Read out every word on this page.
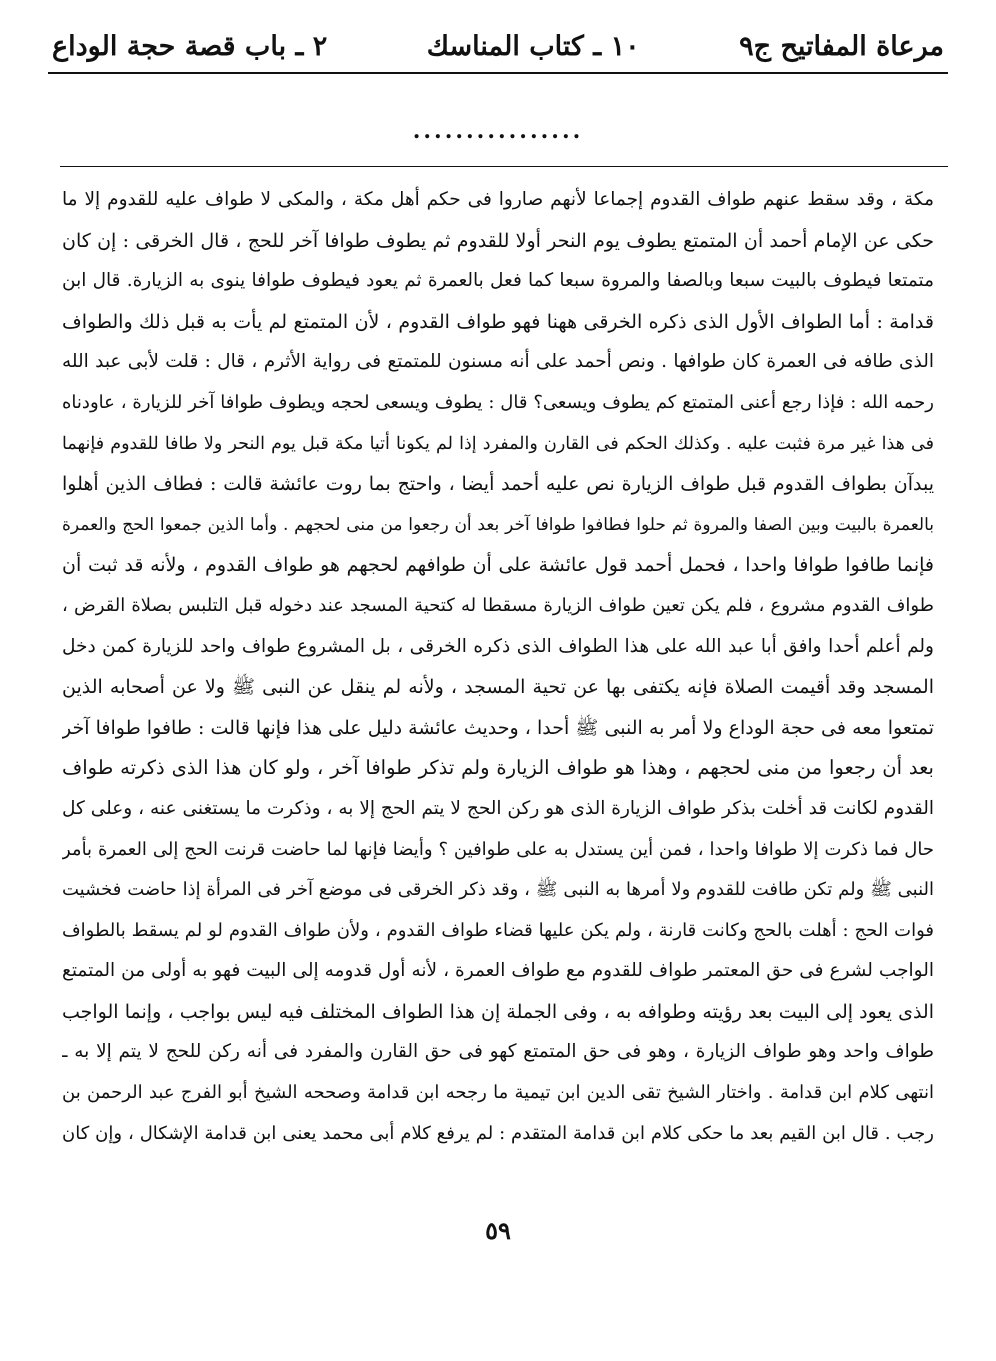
مرعاة المفاتيح ج٩
١٠ ـ كتاب المناسك
٢ ـ باب قصة حجة الوداع
................
مكة ، وقد سقط عنهم طواف القدوم إجماعا لأنهم صاروا فى حكم أهل مكة ، والمكى لا طواف عليه للقدوم إلا ما
حكى عن الإمام أحمد أن المتمتع يطوف يوم النحر أولا للقدوم ثم يطوف طوافا آخر للحج ، قال الخرقى : إن كان
متمتعا فيطوف بالبيت سبعا وبالصفا والمروة سبعا كما فعل بالعمرة ثم يعود فيطوف طوافا ينوى به الزيارة. قال ابن
قدامة : أما الطواف الأول الذى ذكره الخرقى ههنا فهو طواف القدوم ، لأن المتمتع لم يأت به قبل ذلك والطواف
الذى طافه فى العمرة كان طوافها . ونص أحمد على أنه مسنون للمتمتع فى رواية الأثرم ، قال : قلت لأبى عبد الله
رحمه الله : فإذا رجع أعنى المتمتع كم يطوف ويسعى؟ قال : يطوف ويسعى لحجه ويطوف طوافا آخر للزيارة ، عاودناه
فى هذا غير مرة فثبت عليه . وكذلك الحكم فى القارن والمفرد إذا لم يكونا أتيا مكة قبل يوم النحر ولا طافا للقدوم فإنهما
يبدآن بطواف القدوم قبل طواف الزيارة نص عليه أحمد أيضا ، واحتج بما روت عائشة قالت : فطاف الذين أهلوا
بالعمرة بالبيت وبين الصفا والمروة ثم حلوا فطافوا طوافا آخر بعد أن رجعوا من منى لحجهم . وأما الذين جمعوا الحج والعمرة
فإنما طافوا طوافا واحدا ، فحمل أحمد قول عائشة على أن طوافهم لحجهم هو طواف القدوم ، ولأنه قد ثبت أن
طواف القدوم مشروع ، فلم يكن تعين طواف الزيارة مسقطا له كتحية المسجد عند دخوله قبل التلبس بصلاة القرض ،
ولم أعلم أحدا وافق أبا عبد الله على هذا الطواف الذى ذكره الخرقى ، بل المشروع طواف واحد للزيارة كمن دخل
المسجد وقد أقيمت الصلاة فإنه يكتفى بها عن تحية المسجد ، ولأنه لم ينقل عن النبى ﷺ ولا عن أصحابه الذين
تمتعوا معه فى حجة الوداع ولا أمر به النبى ﷺ أحدا ، وحديث عائشة دليل على هذا فإنها قالت : طافوا طوافا آخر
بعد أن رجعوا من منى لحجهم ، وهذا هو طواف الزيارة ولم تذكر طوافا آخر ، ولو كان هذا الذى ذكرته طواف
القدوم لكانت قد أخلت بذكر طواف الزيارة الذى هو ركن الحج لا يتم الحج إلا به ، وذكرت ما يستغنى عنه ، وعلى كل
حال فما ذكرت إلا طوافا واحدا ، فمن أين يستدل به على طوافين ؟ وأيضا فإنها لما حاضت قرنت الحج إلى العمرة بأمر
النبى ﷺ ولم تكن طافت للقدوم ولا أمرها به النبى ﷺ ، وقد ذكر الخرقى فى موضع آخر فى المرأة إذا حاضت فخشيت
فوات الحج : أهلت بالحج وكانت قارنة ، ولم يكن عليها قضاء طواف القدوم ، ولأن طواف القدوم لو لم يسقط بالطواف
الواجب لشرع فى حق المعتمر طواف للقدوم مع طواف العمرة ، لأنه أول قدومه إلى البيت فهو به أولى من المتمتع
الذى يعود إلى البيت بعد رؤيته وطوافه به ، وفى الجملة إن هذا الطواف المختلف فيه ليس بواجب ، وإنما الواجب
طواف واحد وهو طواف الزيارة ، وهو فى حق المتمتع كهو فى حق القارن والمفرد فى أنه ركن للحج لا يتم إلا به ـ
انتهى كلام ابن قدامة . واختار الشيخ تقى الدين ابن تيمية ما رجحه ابن قدامة وصححه الشيخ أبو الفرج عبد الرحمن بن
رجب . قال ابن القيم بعد ما حكى كلام ابن قدامة المتقدم : لم يرفع كلام أبى محمد يعنى ابن قدامة الإشكال ، وإن كان
٥٩
